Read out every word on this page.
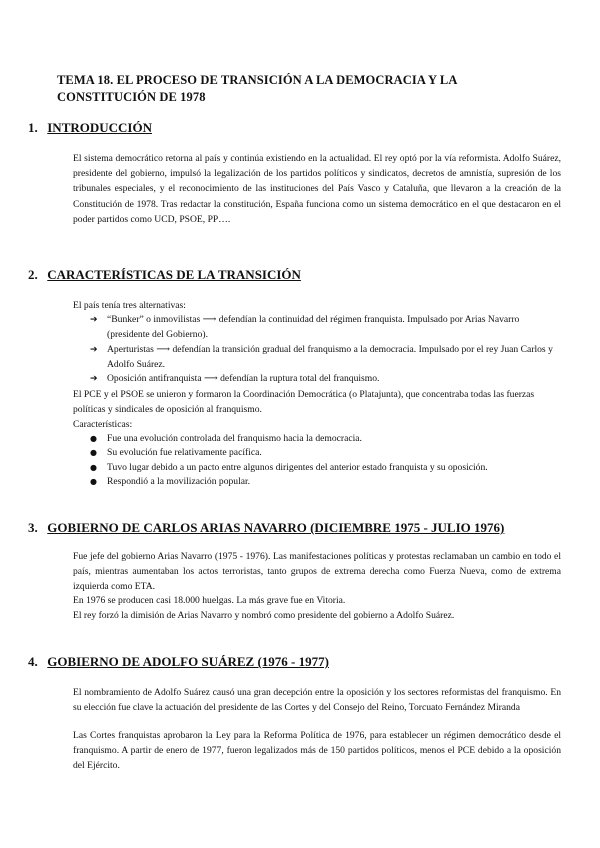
TEMA 18. EL PROCESO DE TRANSICIÓN A LA DEMOCRACIA Y LA CONSTITUCIÓN DE 1978
1. INTRODUCCIÓN

El sistema democrático retorna al país y continúa existiendo en la actualidad. El rey optó por la vía reformista. Adolfo Suárez, presidente del gobierno, impulsó la legalización de los partidos políticos y sindicatos, decretos de amnistía, supresión de los tribunales especiales, y el reconocimiento de las instituciones del País Vasco y Cataluña, que llevaron a la creación de la Constitución de 1978. Tras redactar la constitución, España funciona como un sistema democrático en el que destacaron en el poder partidos como UCD, PSOE, PP….

2. CARACTERÍSTICAS DE LA TRANSICIÓN

El país tenía tres alternativas:

➔ “Bunker” o inmovilistas ⟶ defendían la continuidad del régimen franquista. Impulsado por Arias Navarro (presidente del Gobierno).
➔ Aperturistas ⟶ defendían la transición gradual del franquismo a la democracia. Impulsado por el rey Juan Carlos y Adolfo Suárez.
➔ Oposición antifranquista ⟶ defendían la ruptura total del franquismo.

El PCE y el PSOE se unieron y formaron la Coordinación Democrática (o Platajunta), que concentraba todas las fuerzas políticas y sindicales de oposición al franquismo.

Características:

● Fue una evolución controlada del franquismo hacia la democracia.
● Su evolución fue relativamente pacífica.
● Tuvo lugar debido a un pacto entre algunos dirigentes del anterior estado franquista y su oposición.
● Respondió a la movilización popular.
3. GOBIERNO DE CARLOS ARIAS NAVARRO (DICIEMBRE 1975 - JULIO 1976)

Fue jefe del gobierno Arias Navarro (1975 - 1976). Las manifestaciones políticas y protestas reclamaban un cambio en todo el país, mientras aumentaban los actos terroristas, tanto grupos de extrema derecha como Fuerza Nueva, como de extrema izquierda como ETA.

En 1976 se producen casi 18.000 huelgas. La más grave fue en Vitoria.

El rey forzó la dimisión de Arias Navarro y nombró como presidente del gobierno a Adolfo Suárez.

4. GOBIERNO DE ADOLFO SUÁREZ (1976 - 1977)

El nombramiento de Adolfo Suárez causó una gran decepción entre la oposición y los sectores reformistas del franquismo. En su elección fue clave la actuación del presidente de las Cortes y del Consejo del Reino, Torcuato Fernández Miranda

Las Cortes franquistas aprobaron la Ley para la Reforma Política de 1976, para establecer un régimen democrático desde el franquismo. A partir de enero de 1977, fueron legalizados más de 150 partidos políticos, menos el PCE debido a la oposición del Ejército.
